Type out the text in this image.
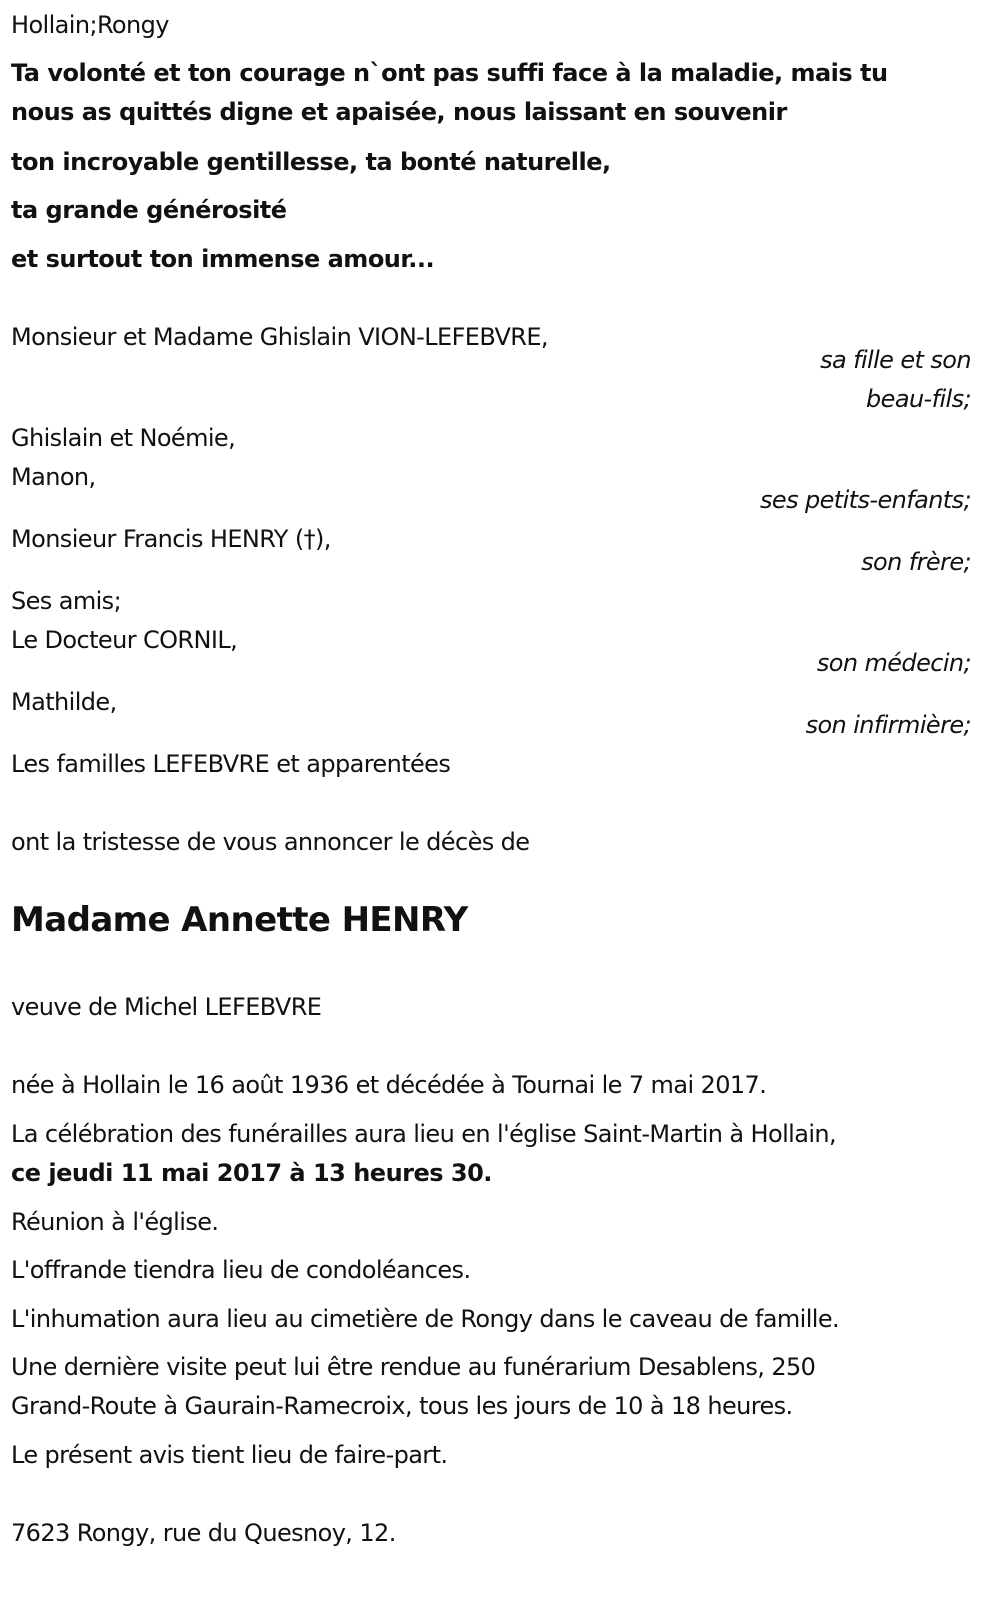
Hollain;Rongy
Ta volonté et ton courage n`ont pas suffi face à la maladie, mais tu
nous as quittés digne et apaisée, nous laissant en souvenir
ton incroyable gentillesse, ta bonté naturelle,
ta grande générosité
et surtout ton immense amour...
Monsieur et Madame Ghislain VION-LEFEBVRE,
sa fille et son
beau-fils;
Ghislain et Noémie,
Manon,
ses petits-enfants;
Monsieur Francis HENRY (†),
son frère;
Ses amis;
Le Docteur CORNIL,
son médecin;
Mathilde,
son infirmière;
Les familles LEFEBVRE et apparentées
ont la tristesse de vous annoncer le décès de
Madame Annette HENRY
veuve de Michel LEFEBVRE
née à Hollain le 16 août 1936 et décédée à Tournai le 7 mai 2017.
La célébration des funérailles aura lieu en l'église Saint-Martin à Hollain,
ce jeudi 11 mai 2017 à 13 heures 30.
Réunion à l'église.
L'offrande tiendra lieu de condoléances.
L'inhumation aura lieu au cimetière de Rongy dans le caveau de famille.
Une dernière visite peut lui être rendue au funérarium Desablens, 250
Grand-Route à Gaurain-Ramecroix, tous les jours de 10 à 18 heures.
Le présent avis tient lieu de faire-part.
7623 Rongy, rue du Quesnoy, 12.
